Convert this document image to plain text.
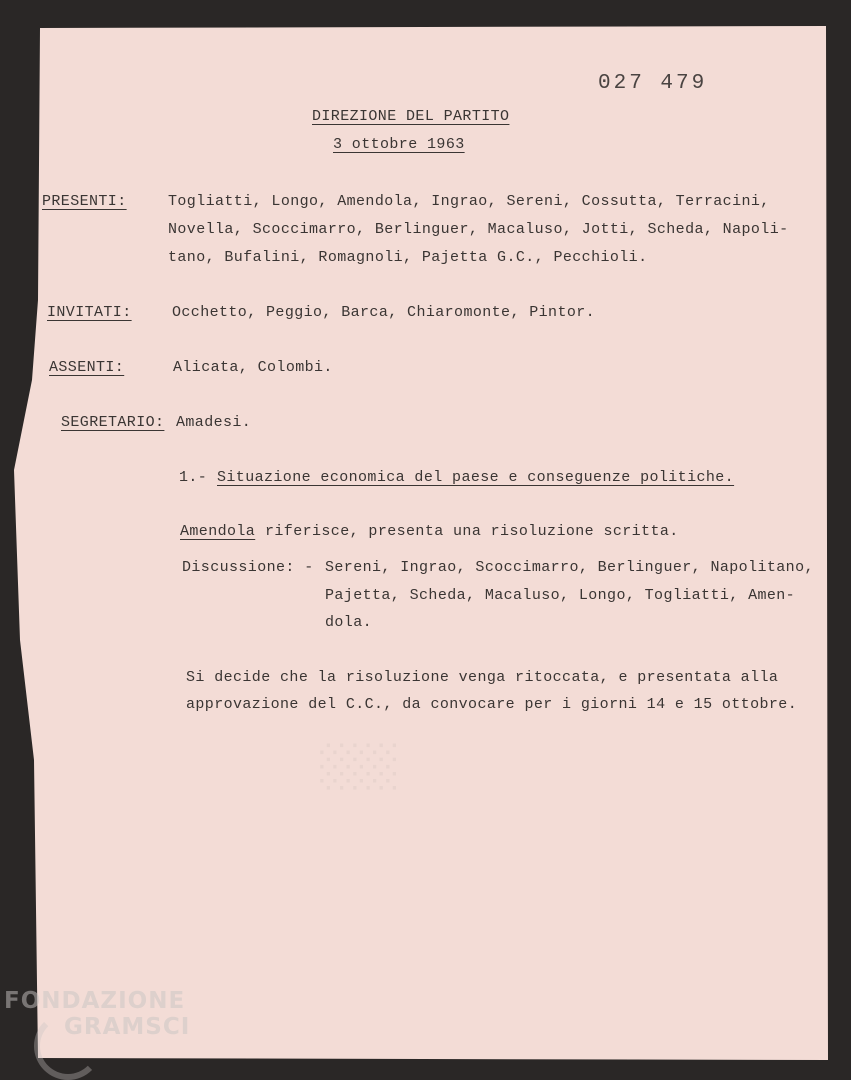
░
027 479
DIREZIONE DEL PARTITO
3 ottobre 1963
PRESENTI:	Togliatti, Longo, Amendola, Ingrao, Sereni, Cossutta, Terracini,
Novella, Scoccimarro, Berlinguer, Macaluso, Jotti, Scheda, Napoli-
tano, Bufalini, Romagnoli, Pajetta G.C., Pecchioli.
INVITATI:	Occhetto, Peggio, Barca, Chiaromonte, Pintor.
ASSENTI:	Alicata, Colombi.
SEGRETARIO: Amadesi.
1.- Situazione economica del paese e conseguenze politiche.
Amendola riferisce, presenta una risoluzione scritta.
Discussione: - Sereni, Ingrao, Scoccimarro, Berlinguer, Napolitano,
Pajetta, Scheda, Macaluso, Longo, Togliatti, Amen-
dola.
Si decide che la risoluzione venga ritoccata, e presentata alla
approvazione del C.C., da convocare per i giorni 14 e 15 ottobre.
FONDAZIONE
GRAMSCI
